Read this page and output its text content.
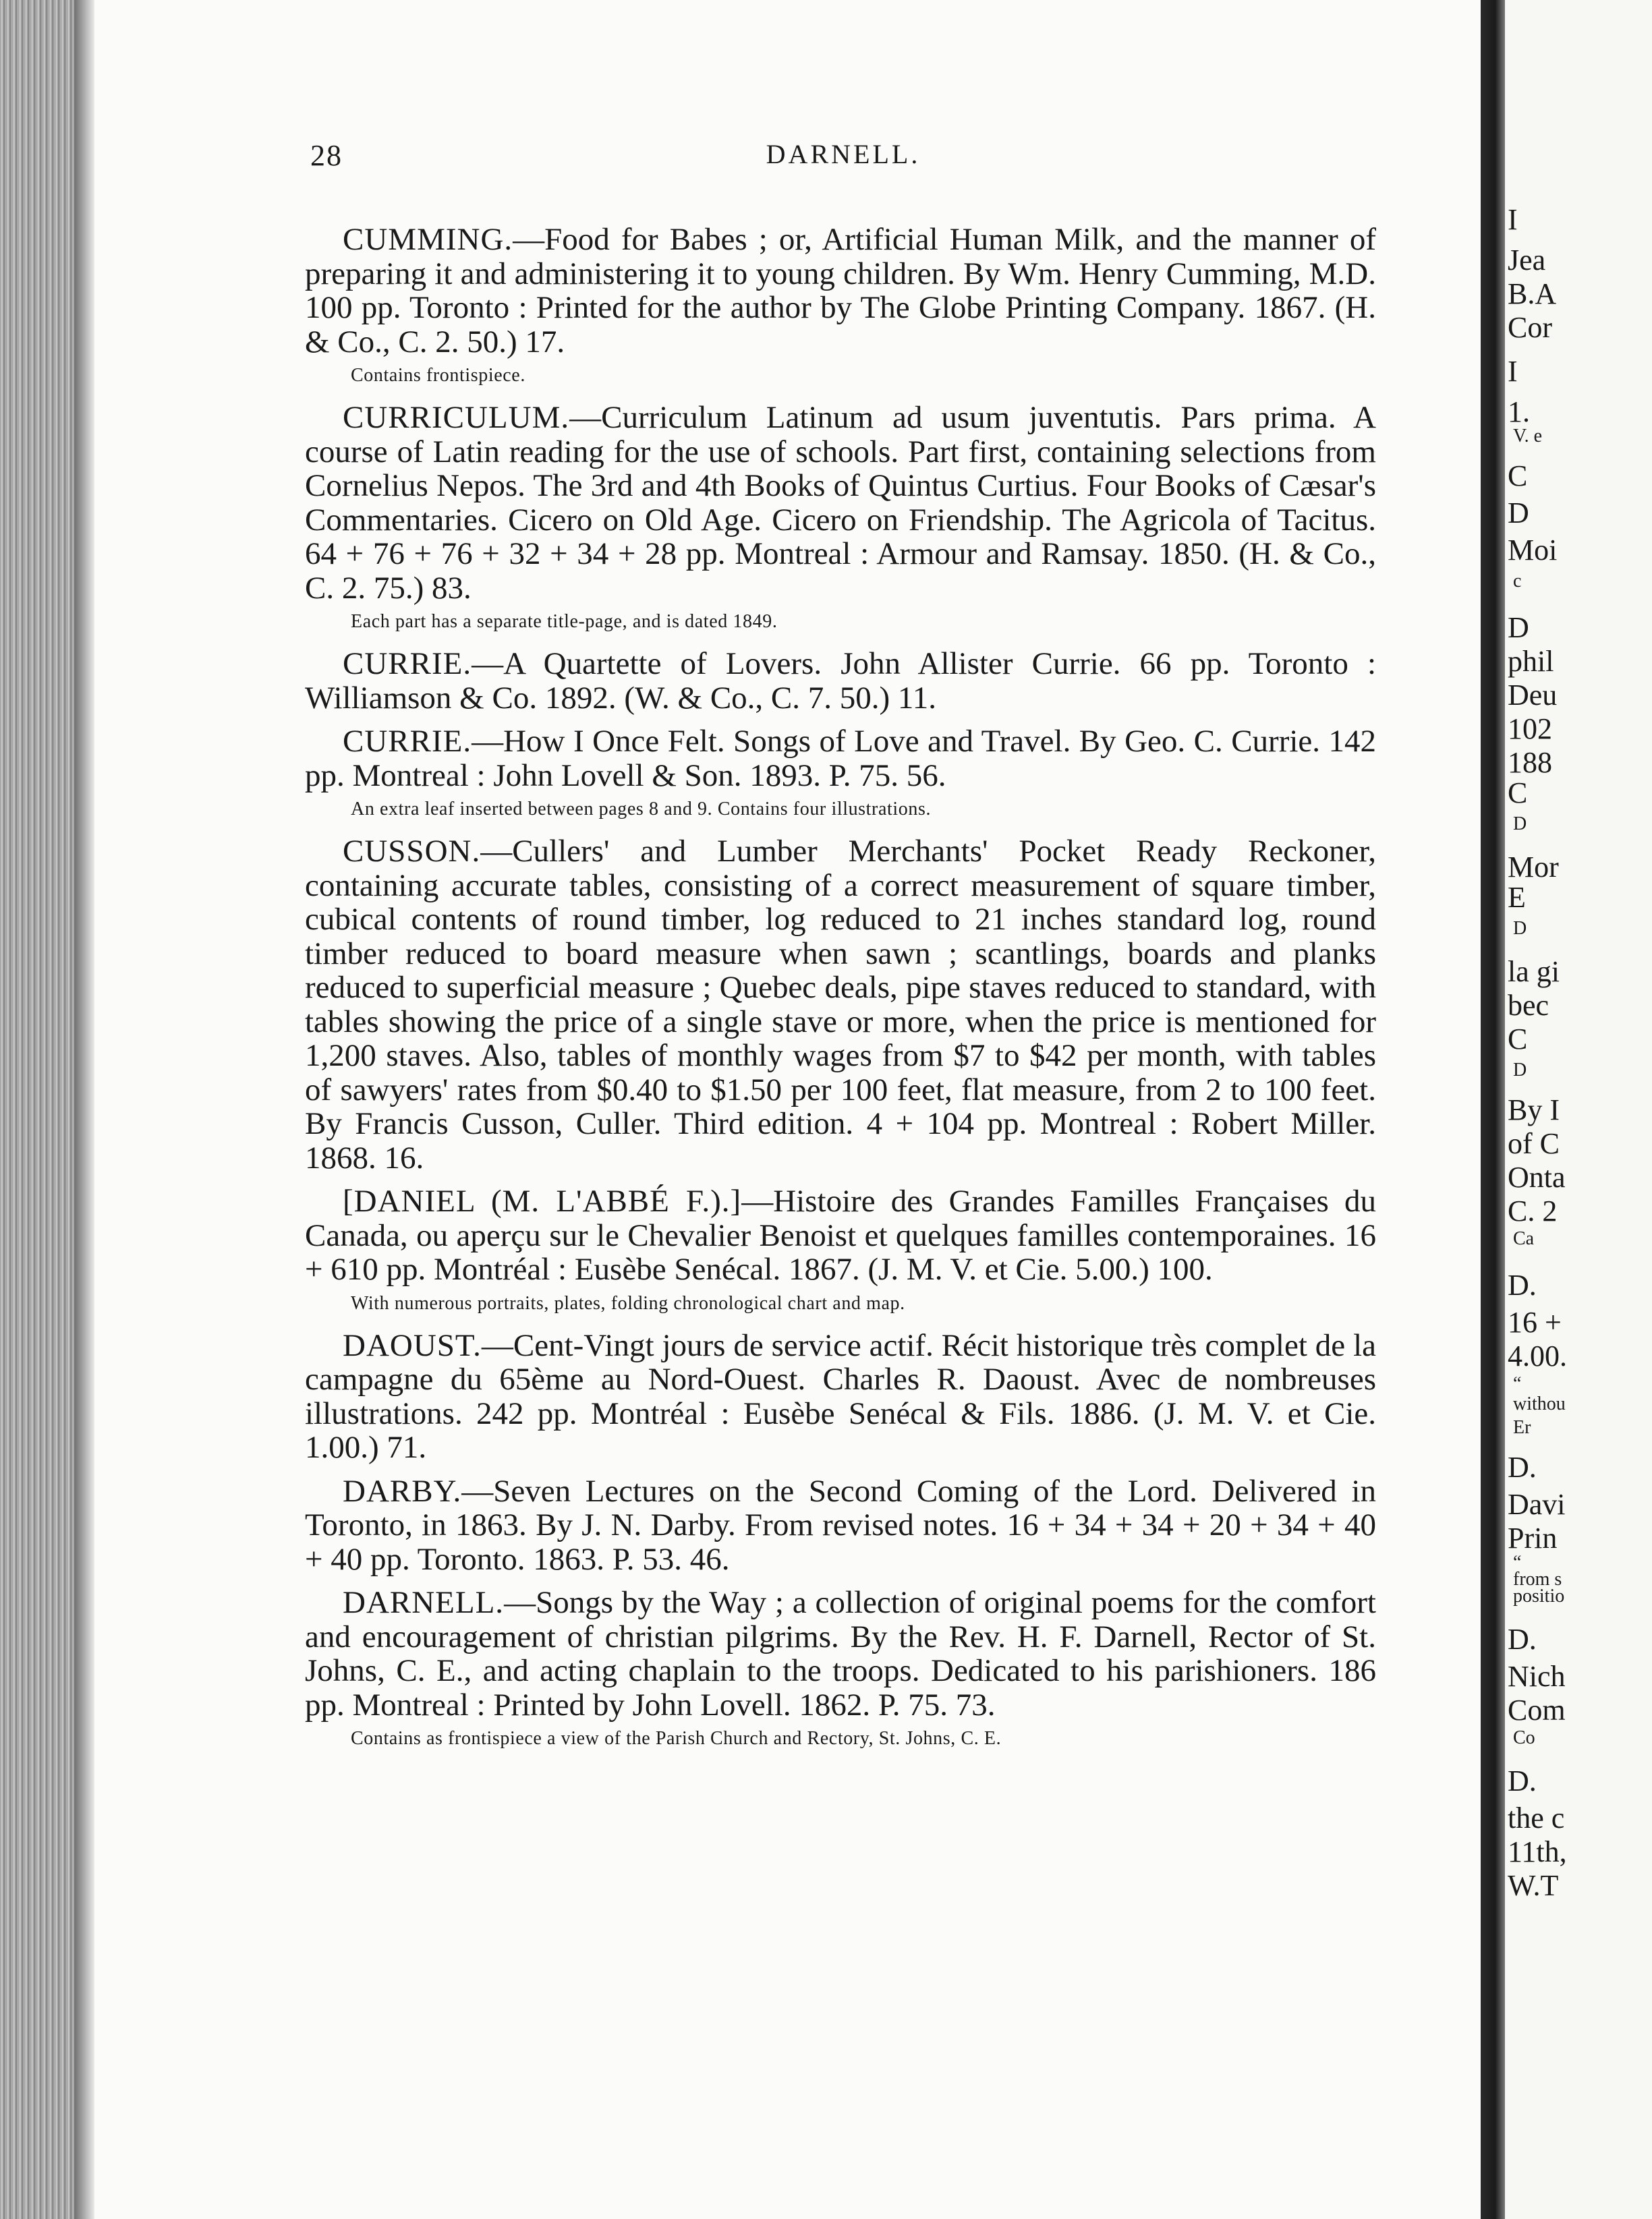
28	DARNELL.

CUMMING.—Food for Babes ; or, Artificial Human Milk, and the manner of preparing it and administering it to young children. By Wm. Henry Cumming, M.D. 100 pp. Toronto : Printed for the author by The Globe Printing Company. 1867. (H. & Co., C. 2. 50.) 17.

Contains frontispiece.

CURRICULUM.—Curriculum Latinum ad usum juventutis. Pars prima. A course of Latin reading for the use of schools. Part first, containing selections from Cornelius Nepos. The 3rd and 4th Books of Quintus Curtius. Four Books of Cæsar's Commentaries. Cicero on Old Age. Cicero on Friendship. The Agricola of Tacitus. 64 + 76 + 76 + 32 + 34 + 28 pp. Montreal : Armour and Ramsay. 1850. (H. & Co., C. 2. 75.) 83.

Each part has a separate title-page, and is dated 1849.

CURRIE.—A Quartette of Lovers. John Allister Currie. 66 pp. Toronto : Williamson & Co. 1892. (W. & Co., C. 7. 50.) 11.

CURRIE.—How I Once Felt. Songs of Love and Travel. By Geo. C. Currie. 142 pp. Montreal : John Lovell & Son. 1893. P. 75. 56.

An extra leaf inserted between pages 8 and 9. Contains four illustrations.

CUSSON.—Cullers' and Lumber Merchants' Pocket Ready Reckoner, containing accurate tables, consisting of a correct measurement of square timber, cubical contents of round timber, log reduced to 21 inches standard log, round timber reduced to board measure when sawn ; scantlings, boards and planks reduced to superficial measure ; Quebec deals, pipe staves reduced to standard, with tables showing the price of a single stave or more, when the price is mentioned for 1,200 staves. Also, tables of monthly wages from $7 to $42 per month, with tables of sawyers' rates from $0.40 to $1.50 per 100 feet, flat measure, from 2 to 100 feet. By Francis Cusson, Culler. Third edition. 4 + 104 pp. Montreal : Robert Miller. 1868. 16.

[DANIEL (M. L'ABBÉ F.).]—Histoire des Grandes Familles Françaises du Canada, ou aperçu sur le Chevalier Benoist et quelques familles contemporaines. 16 + 610 pp. Montréal : Eusèbe Senécal. 1867. (J. M. V. et Cie. 5.00.) 100.

With numerous portraits, plates, folding chronological chart and map.

DAOUST.—Cent-Vingt jours de service actif. Récit historique très complet de la campagne du 65ème au Nord-Ouest. Charles R. Daoust. Avec de nombreuses illustrations. 242 pp. Montréal : Eusèbe Senécal & Fils. 1886. (J. M. V. et Cie. 1.00.) 71.

DARBY.—Seven Lectures on the Second Coming of the Lord. Delivered in Toronto, in 1863. By J. N. Darby. From revised notes. 16 + 34 + 34 + 20 + 34 + 40 + 40 pp. Toronto. 1863. P. 53. 46.

DARNELL.—Songs by the Way ; a collection of original poems for the comfort and encouragement of christian pilgrims. By the Rev. H. F. Darnell, Rector of St. Johns, C. E., and acting chaplain to the troops. Dedicated to his parishioners. 186 pp. Montreal : Printed by John Lovell. 1862. P. 75. 73.

Contains as frontispiece a view of the Parish Church and Rectory, St. Johns, C. E.
I
Jea
B.A
Cor
I
1.
V. e
C
D
Moi
c
D
phil
Deu
102
188
C
D
Mor
E
D
la gi
bec
C
D
By I
of C
Onta
C. 2
Ca
D.
16 +
4.00.
“
withou
Er
D.
Davi
Prin
“
from s
positio
D.
Nich
Com
Co
D.
the c
11th,
W.T
